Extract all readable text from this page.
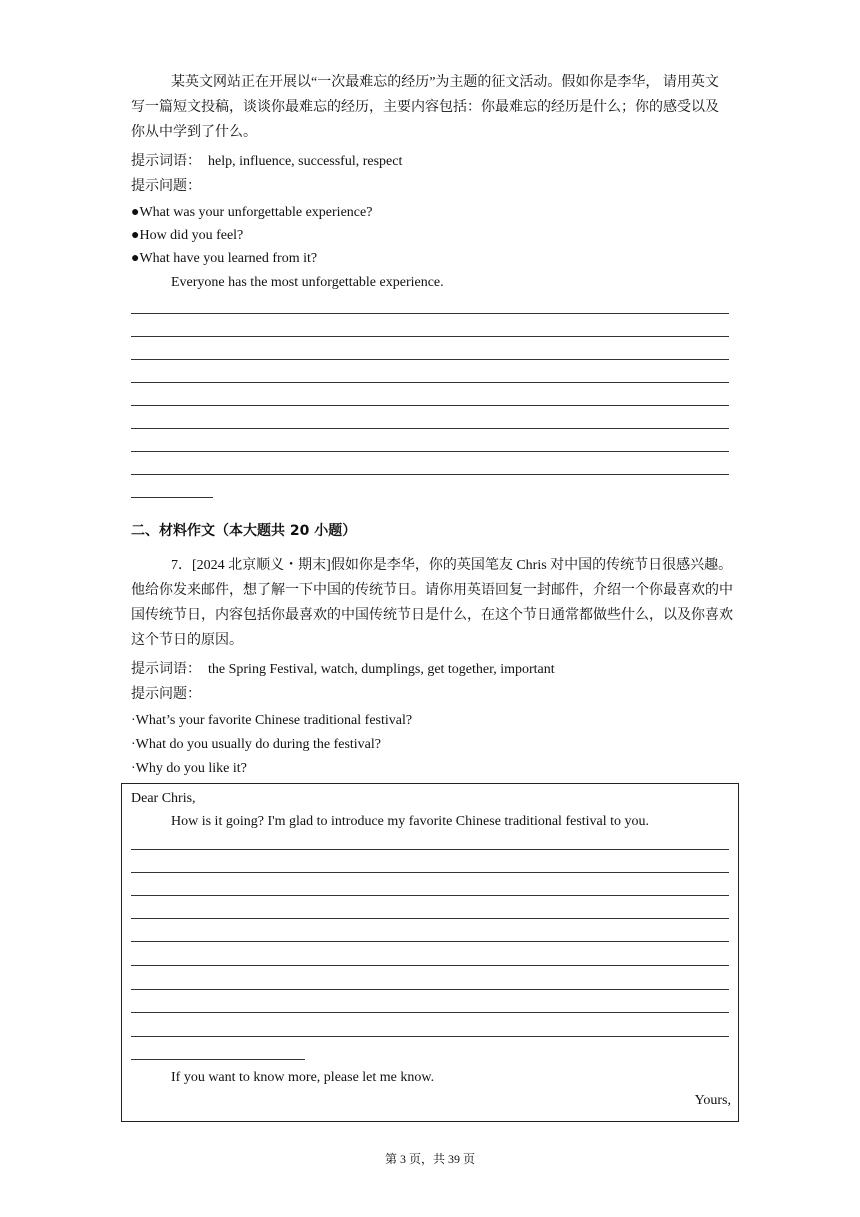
某英文网站正在开展以“一次最难忘的经历”为主题的征文活动。假如你是李华， 请用英文写一篇短文投稿，谈谈你最难忘的经历，主要内容包括：你最难忘的经历是什么；你的感受以及你从中学到了什么。

提示词语： help, influence, successful, respect

提示问题：

●What was your unforgettable experience?

●How did you feel?

●What have you learned from it?

Everyone has the most unforgettable experience.

二、材料作文（本大题共 20 小题）

7．[2024 北京顺义・期末]假如你是李华，你的英国笔友 Chris 对中国的传统节日很感兴趣。他给你发来邮件，想了解一下中国的传统节日。请你用英语回复一封邮件，介绍一个你最喜欢的中国传统节日，内容包括你最喜欢的中国传统节日是什么，在这个节日通常都做些什么，以及你喜欢这个节日的原因。

提示词语： the Spring Festival, watch, dumplings, get together, important

提示问题：

·What’s your favorite Chinese traditional festival?

·What do you usually do during the festival?

·Why do you like it?

Dear Chris,

How is it going? I'm glad to introduce my favorite Chinese traditional festival to you.

If you want to know more, please let me know.

Yours,

第 3 页，共 39 页
